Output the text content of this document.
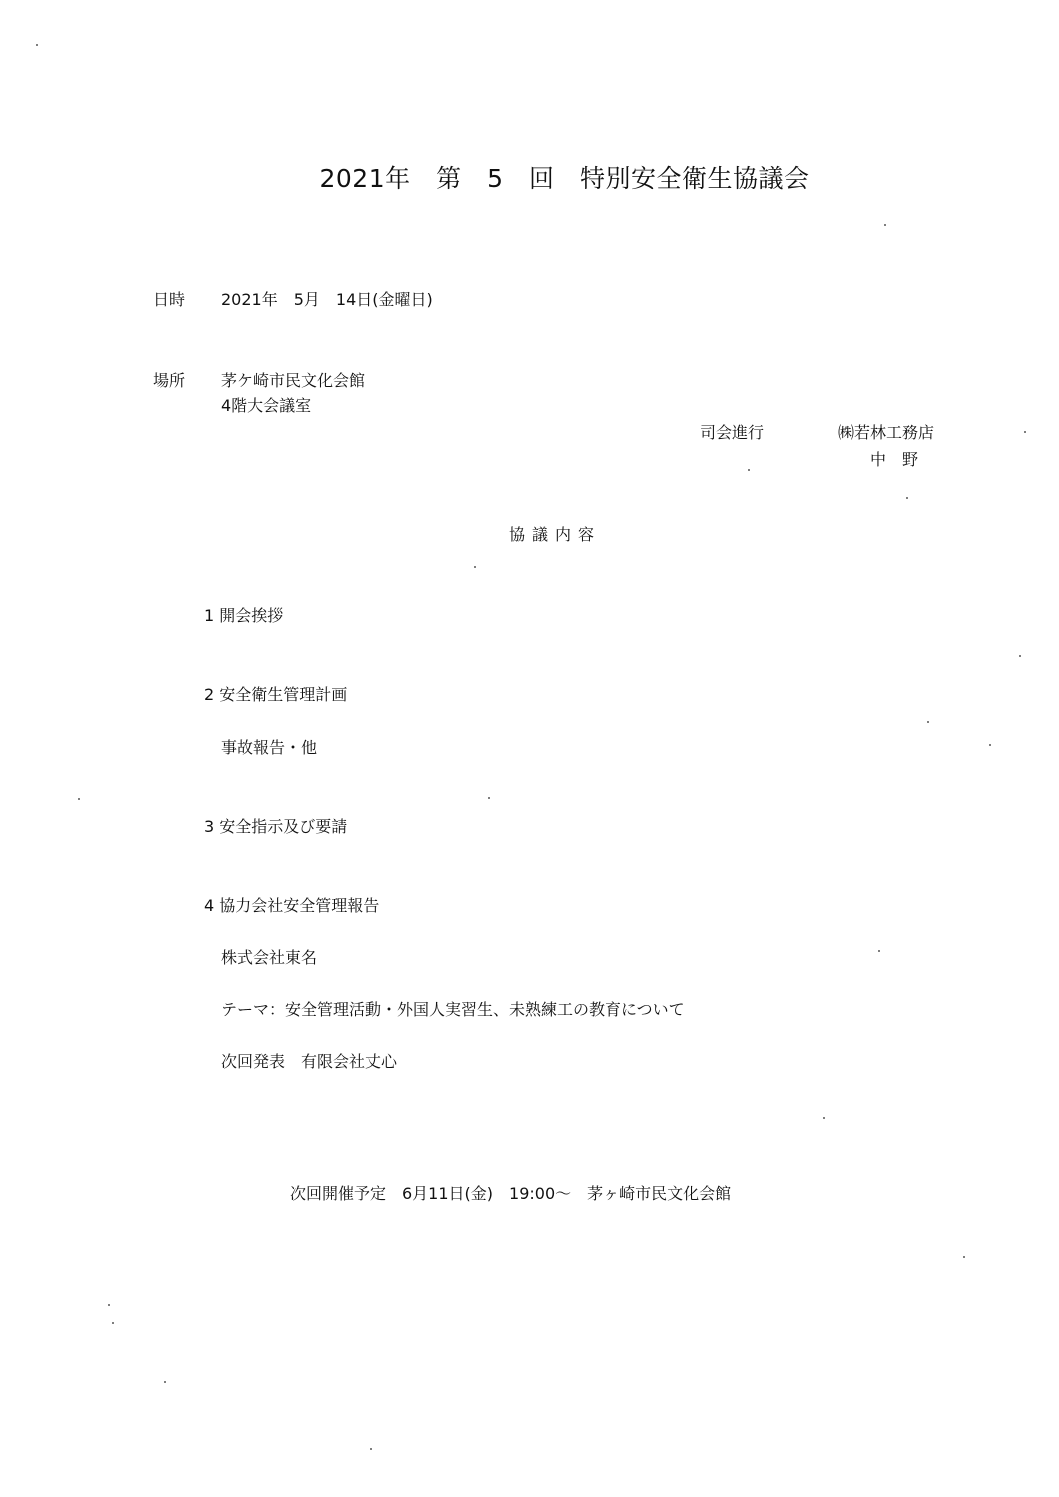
2021年　第　5　回　特別安全衛生協議会
日時 2021年　5月　14日(金曜日)
場所 茅ケ崎市民文化会館
4階大会議室
司会進行	㈱若林工務店
中　野
協議内容
1 開会挨拶
2 安全衛生管理計画
事故報告・他
3 安全指示及び要請
4 協力会社安全管理報告
株式会社東名
テーマ：安全管理活動・外国人実習生、未熟練工の教育について
次回発表　有限会社丈心
次回開催予定　6月11日(金)　19:00～　茅ヶ崎市民文化会館
